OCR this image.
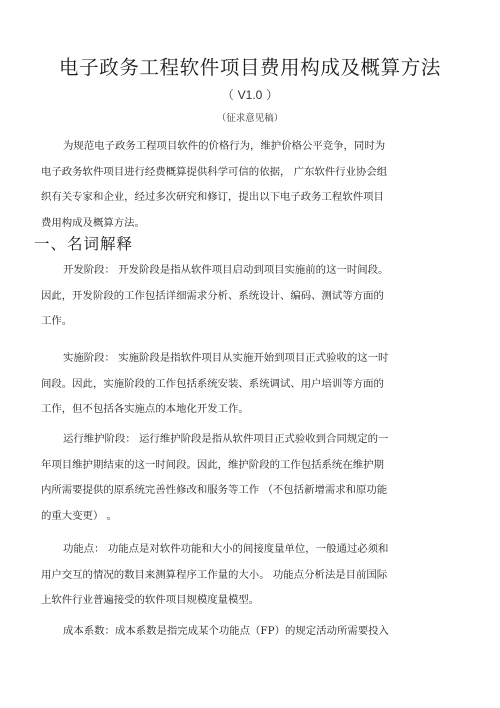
电子政务工程软件项目费用构成及概算方法
（ V1.0 ）
（征求意见稿）
为规范电子政务工程项目软件的价格行为，维护价格公平竞争，同时为
电子政务软件项目进行经费概算提供科学可信的依据， 广东软件行业协会组
织有关专家和企业，经过多次研究和修订，提出以下电子政务工程软件项目
费用构成及概算方法。
一、名词解释
开发阶段： 开发阶段是指从软件项目启动到项目实施前的这一时间段。
因此，开发阶段的工作包括详细需求分析、系统设计、编码、测试等方面的
工作。
实施阶段： 实施阶段是指软件项目从实施开始到项目正式验收的这一时
间段。因此，实施阶段的工作包括系统安装、系统调试、用户培训等方面的
工作，但不包括各实施点的本地化开发工作。
运行维护阶段： 运行维护阶段是指从软件项目正式验收到合同规定的一
年项目维护期结束的这一时间段。因此，维护阶段的工作包括系统在维护期
内所需要提供的原系统完善性修改和服务等工作 （不包括新增需求和原功能
的重大变更） 。
功能点： 功能点是对软件功能和大小的间接度量单位，一般通过必须和
用户交互的情况的数目来测算程序工作量的大小。 功能点分析法是目前国际
上软件行业普遍接受的软件项目规模度量模型。
成本系数：成本系数是指完成某个功能点（FP）的规定活动所需要投入
